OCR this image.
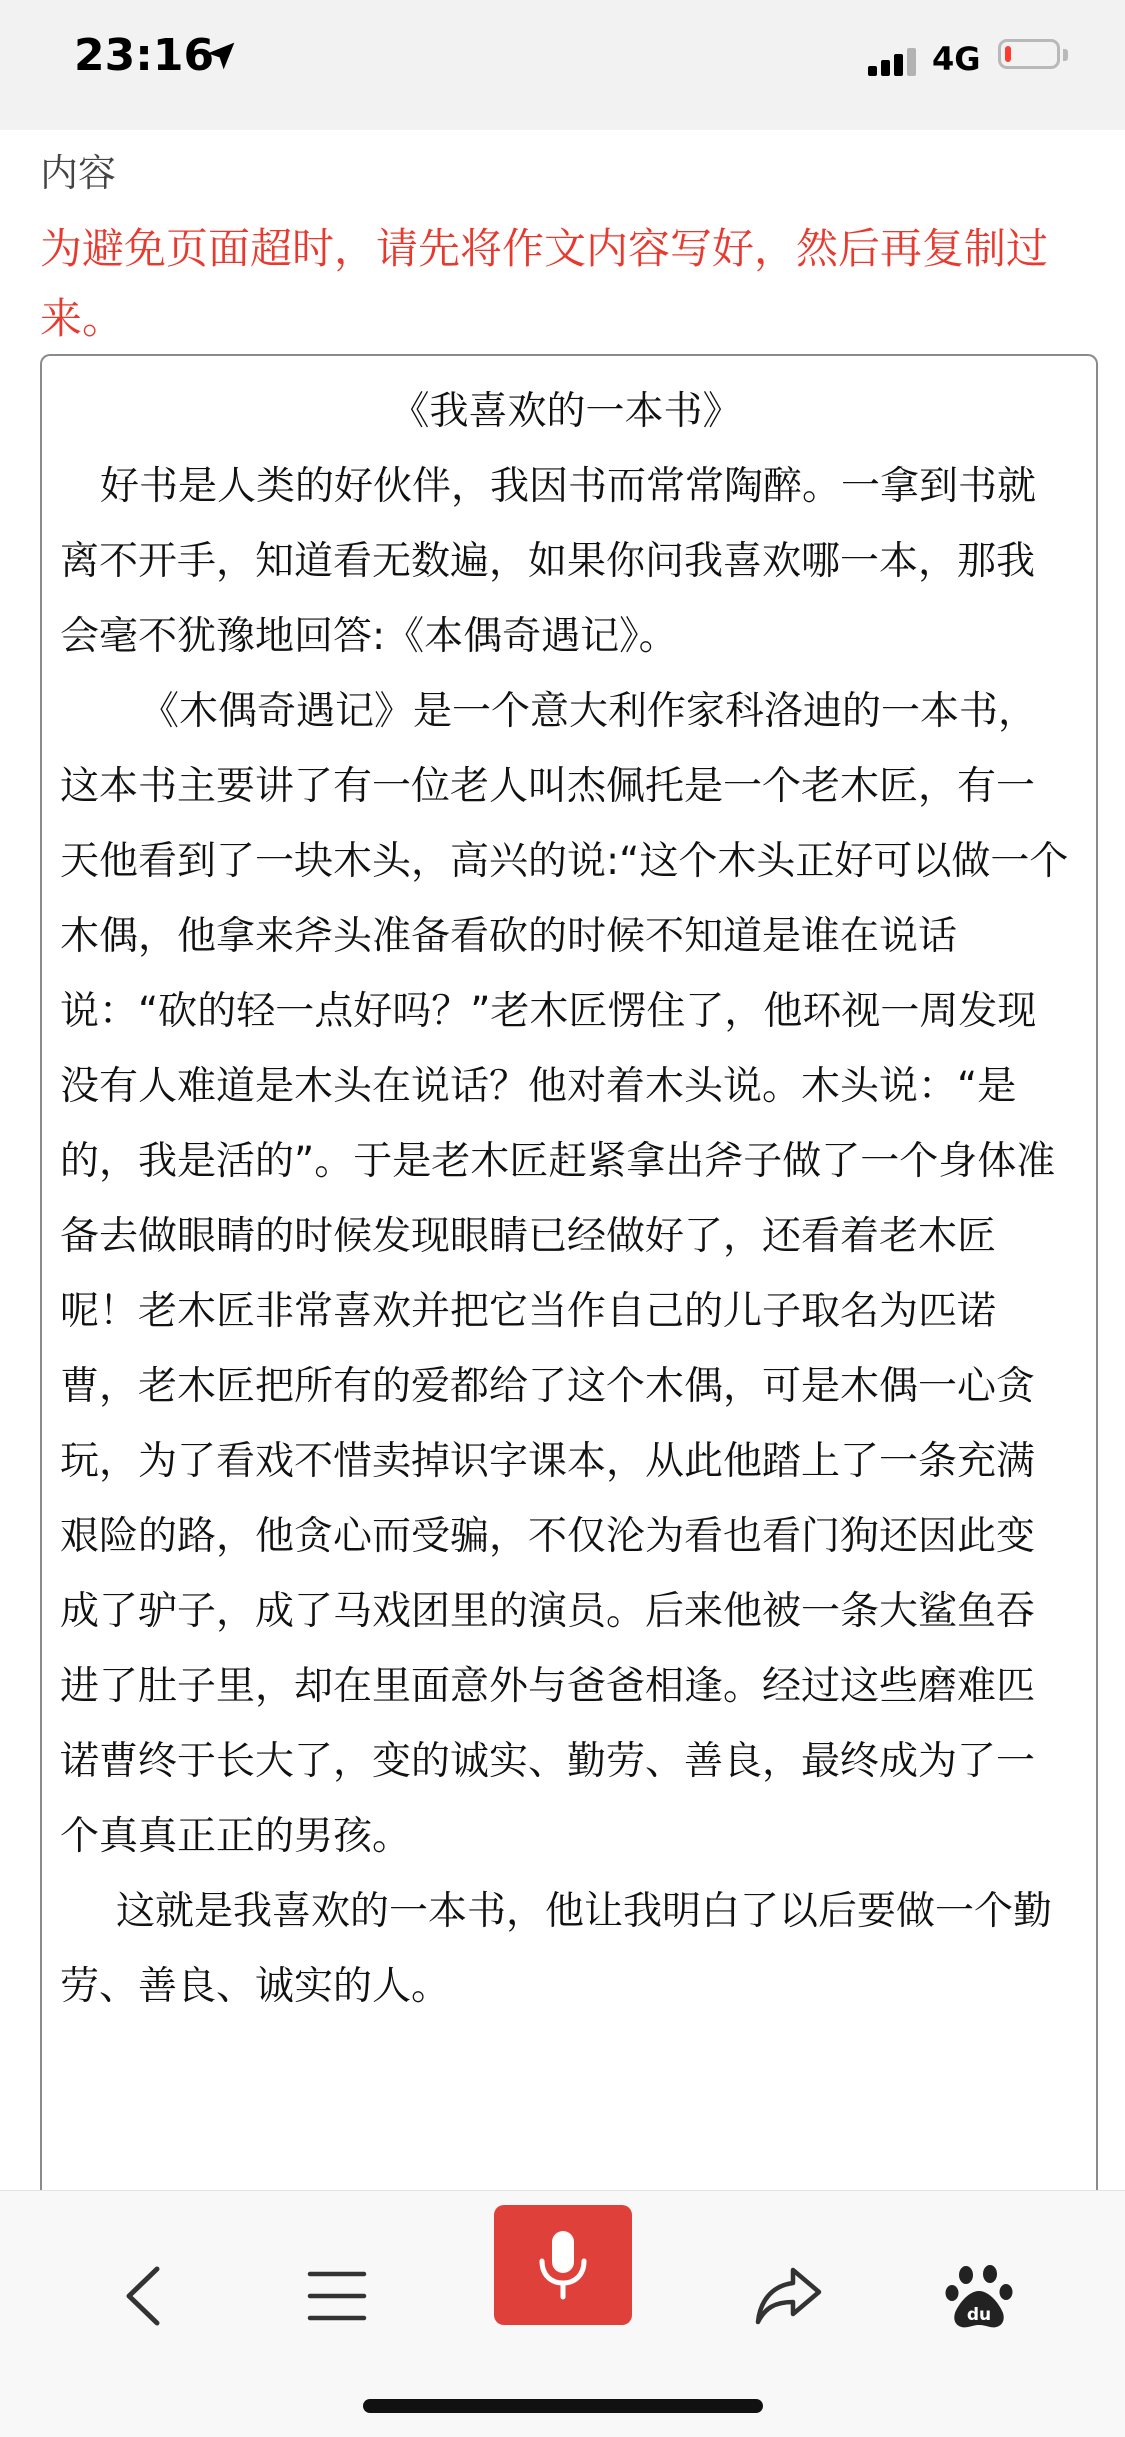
23:16	4G
内容
为避免页面超时，请先将作文内容写好，然后再复制过来。

《我喜欢的一本书》

好书是人类的好伙伴，我因书而常常陶醉。一拿到书就离不开手，知道看无数遍，如果你问我喜欢哪一本，那我会毫不犹豫地回答:《本偶奇遇记》。

《木偶奇遇记》是一个意大利作家科洛迪的一本书，这本书主要讲了有一位老人叫杰佩托是一个老木匠，有一天他看到了一块木头，高兴的说:“这个木头正好可以做一个木偶，他拿来斧头准备看砍的时候不知道是谁在说话说：“砍的轻一点好吗？”老木匠愣住了，他环视一周发现没有人难道是木头在说话？他对着木头说。木头说：“是的，我是活的”。于是老木匠赶紧拿出斧子做了一个身体准备去做眼睛的时候发现眼睛已经做好了，还看着老木匠呢！老木匠非常喜欢并把它当作自己的儿子取名为匹诺曹，老木匠把所有的爱都给了这个木偶，可是木偶一心贪玩，为了看戏不惜卖掉识字课本，从此他踏上了一条充满艰险的路，他贪心而受骗，不仅沦为看也看门狗还因此变成了驴子，成了马戏团里的演员。后来他被一条大鲨鱼吞进了肚子里，却在里面意外与爸爸相逢。经过这些磨难匹诺曹终于长大了，变的诚实、勤劳、善良，最终成为了一个真真正正的男孩。

这就是我喜欢的一本书，他让我明白了以后要做一个勤劳、善良、诚实的人。

du
